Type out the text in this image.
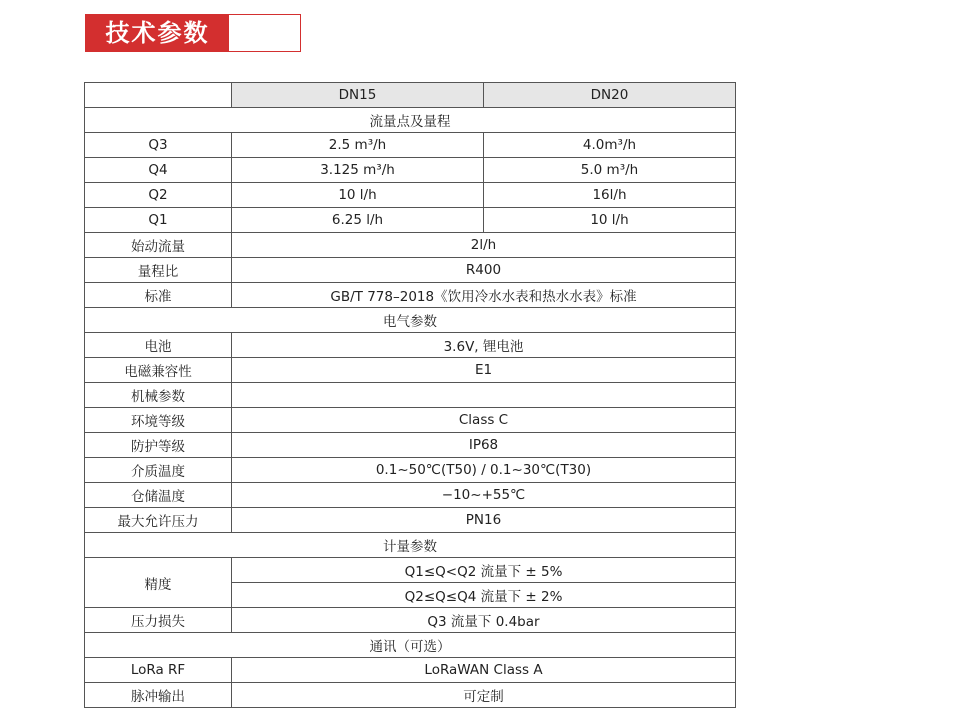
技术参数
	DN15	DN20
流量点及量程		
Q3	2.5 m³/h	4.0m³/h
Q4	3.125 m³/h	5.0 m³/h
Q2	10 l/h	16l/h
Q1	6.25 l/h	10 l/h
始动流量	2l/h	
量程比	R400	
标准	GB/T 778–2018《饮用冷水水表和热水水表》标准	
电气参数		
电池	3.6V, 锂电池	
电磁兼容性	E1	
机械参数		
环境等级	Class C	
防护等级	IP68	
介质温度	0.1~50℃(T50) / 0.1~30℃(T30)	
仓储温度	−10~+55℃	
最大允许压力	PN16	
计量参数		
精度	Q1≤Q<Q2 流量下 ± 5%	
	Q2≤Q≤Q4 流量下 ± 2%	
压力损失	Q3 流量下 0.4bar	
通讯（可选）		
LoRa RF	LoRaWAN Class A	
脉冲输出	可定制	
